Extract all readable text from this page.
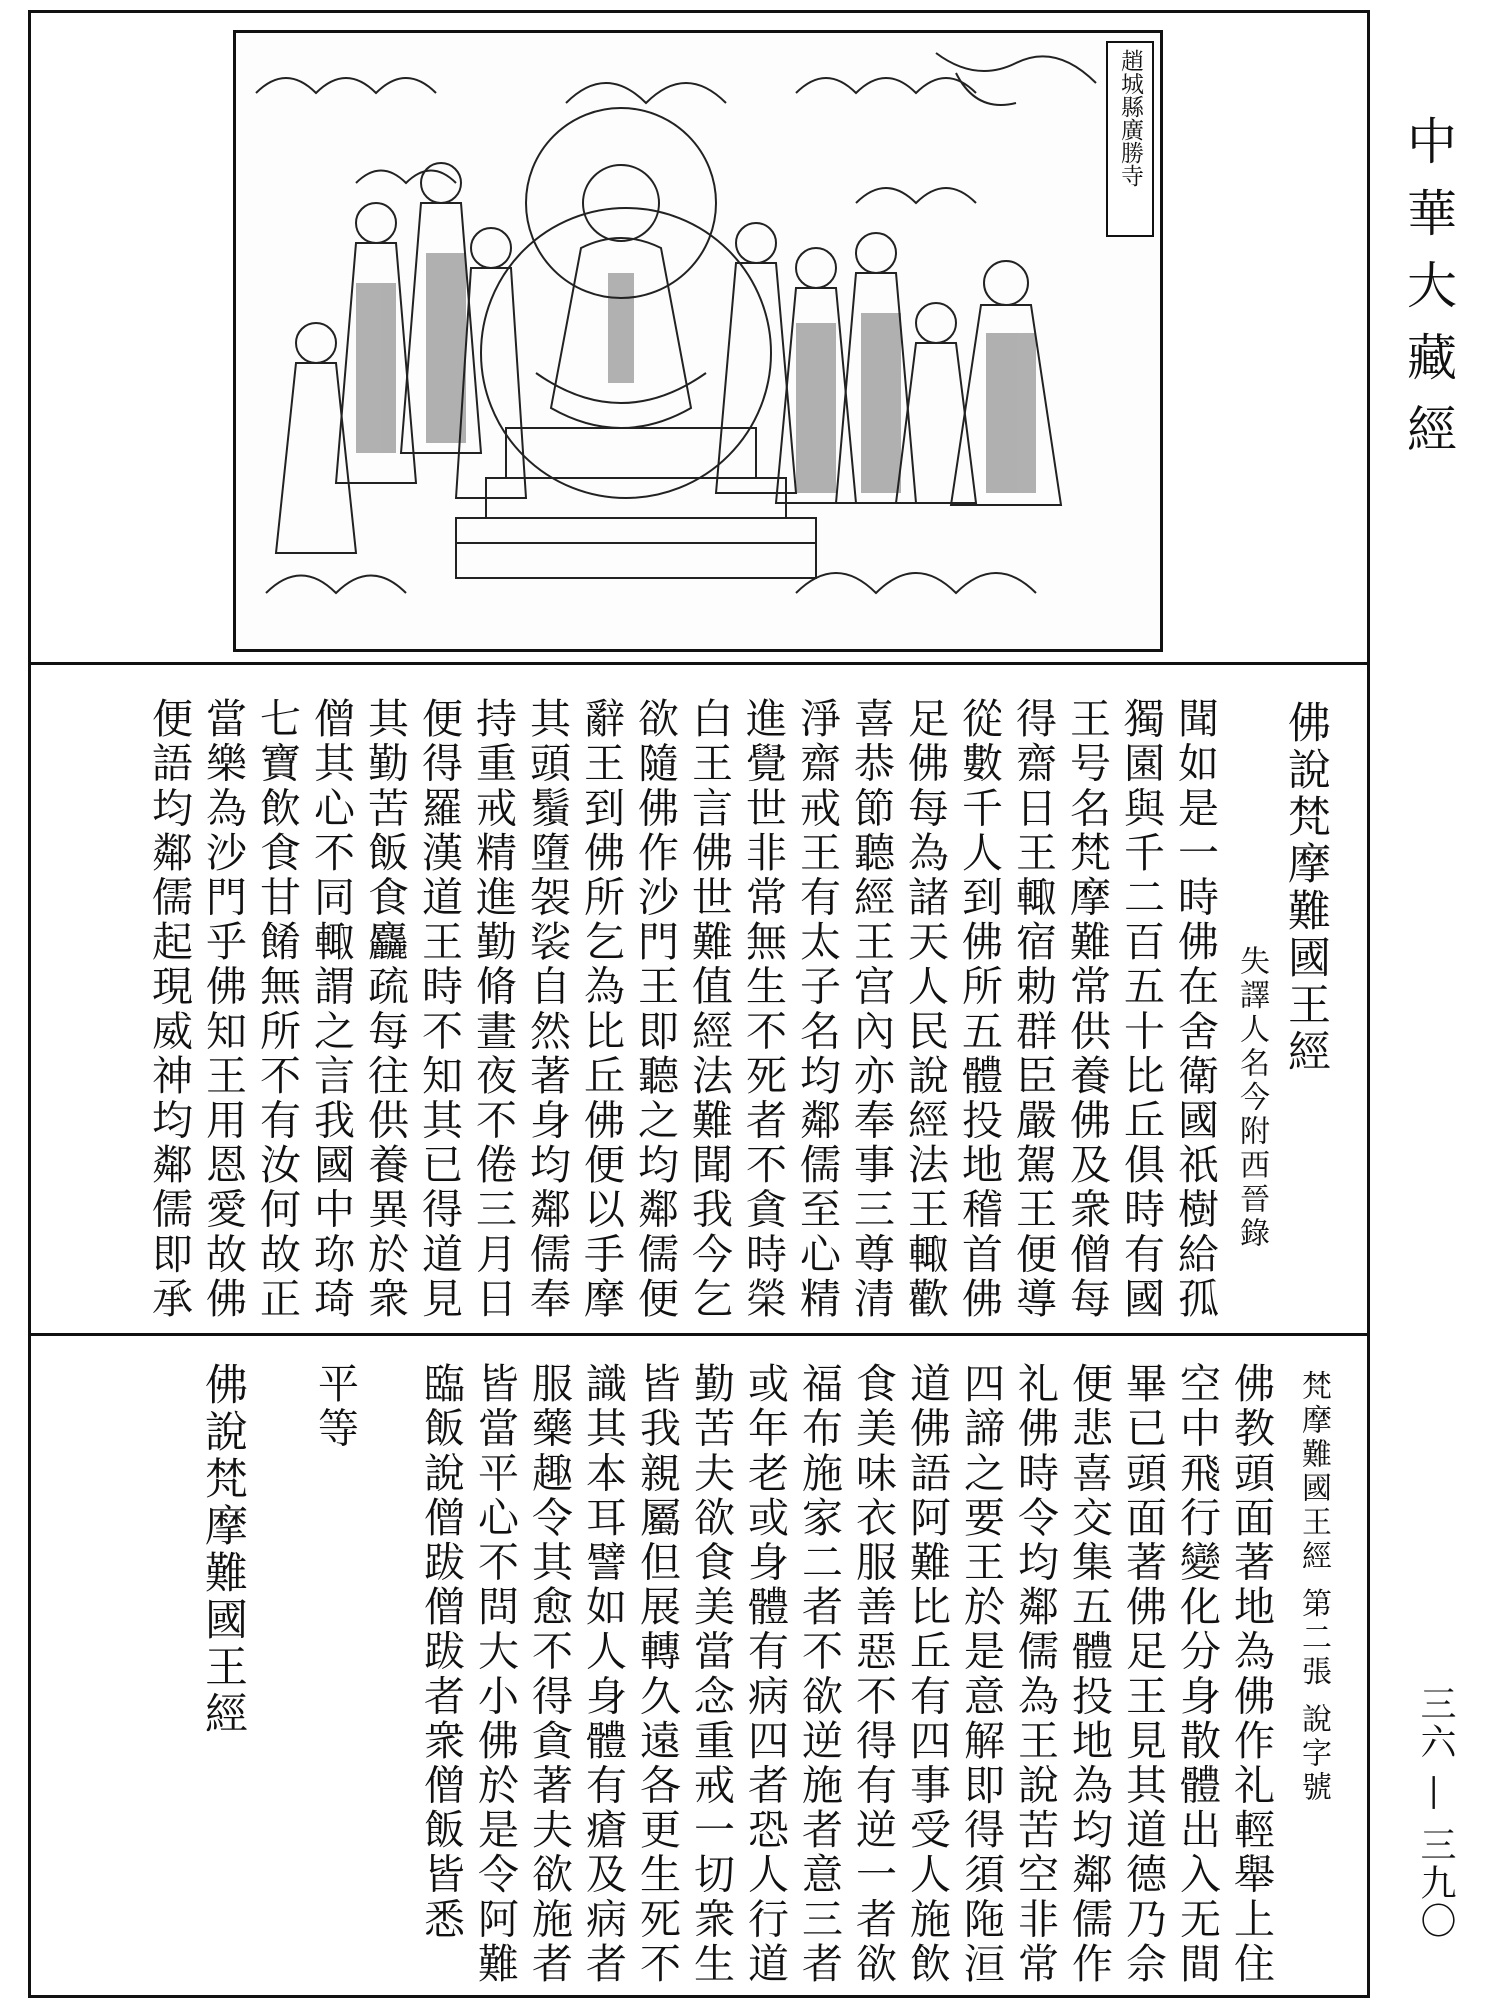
趙城縣廣勝寺
佛說梵摩難國王經
失譯人名今附西晉錄
聞如是一時佛在舍衛國祇樹給孤
獨園與千二百五十比丘俱時有國
王号名梵摩難常供養佛及衆僧每
得齋日王輙宿勅群臣嚴駕王便導
從數千人到佛所五體投地稽首佛
足佛每為諸天人民說經法王輙歡
喜恭節聽經王宫內亦奉事三尊清
淨齋戒王有太子名均鄰儒至心精
進覺世非常無生不死者不貪時榮
白王言佛世難值經法難聞我今乞
欲隨佛作沙門王即聽之均鄰儒便
辭王到佛所乞為比丘佛便以手摩
其頭鬚墮袈裟自然著身均鄰儒奉
持重戒精進勤脩晝夜不倦三月日
便得羅漢道王時不知其已得道見
其勤苦飯食麤疏每往供養異於衆
僧其心不同輙謂之言我國中珎琦
七寶飲食甘餚無所不有汝何故正
當樂為沙門乎佛知王用恩愛故佛
便語均鄰儒起現威神均鄰儒即承
梵摩難國王經 第二張 說字號
佛教頭面著地為佛作礼輕舉上住
空中飛行變化分身散體出入无間
畢已頭面著佛足王見其道德乃佘
便悲喜交集五體投地為均鄰儒作
礼佛時令均鄰儒為王說苦空非常
四諦之要王於是意解即得須陁洹
道佛語阿難比丘有四事受人施飲
食美味衣服善惡不得有逆一者欲
福布施家二者不欲逆施者意三者
或年老或身體有病四者恐人行道
勤苦夫欲食美當念重戒一切衆生
皆我親屬但展轉久遠各更生死不
識其本耳譬如人身體有瘡及病者
服藥趣令其愈不得貪著夫欲施者
皆當平心不問大小佛於是令阿難
臨飯說僧跋僧跋者衆僧飯皆悉
平等
佛說梵摩難國王經
中華大藏經
三六 — 三九〇
